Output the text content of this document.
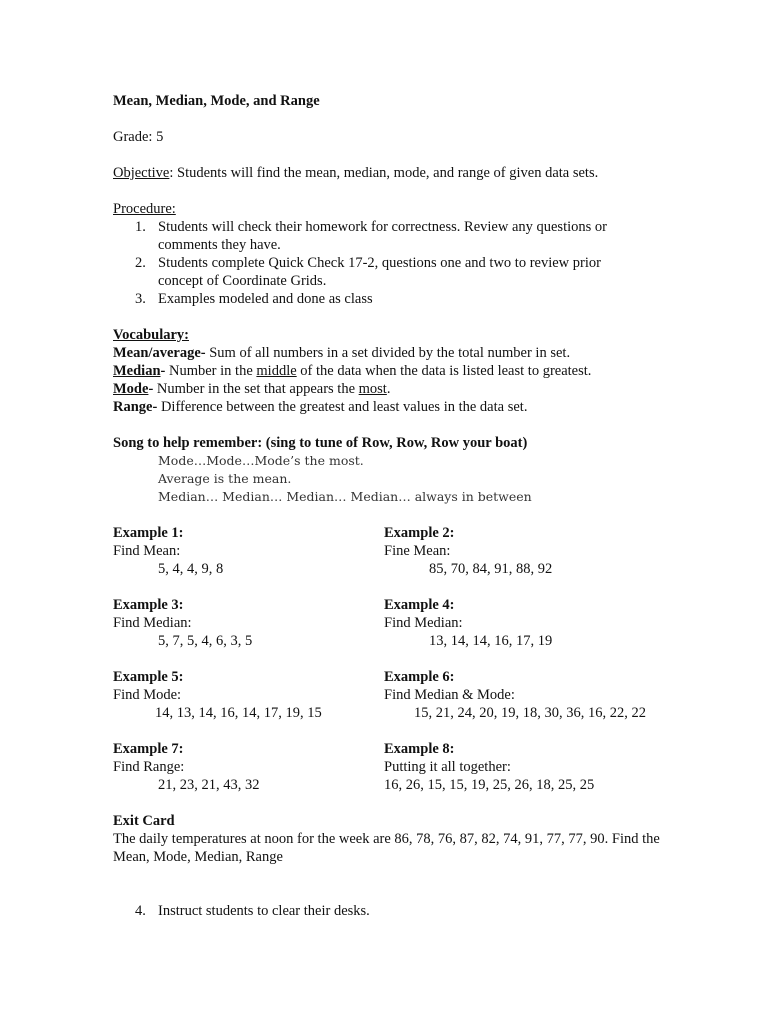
Mean, Median, Mode, and Range
Grade: 5
Objective: Students will find the mean, median, mode, and range of given data sets.
Procedure:
1. Students will check their homework for correctness. Review any questions or
comments they have.
2. Students complete Quick Check 17-2, questions one and two to review prior
concept of Coordinate Grids.
3. Examples modeled and done as class
Vocabulary:
Mean/average- Sum of all numbers in a set divided by the total number in set.
Median- Number in the middle of the data when the data is listed least to greatest.
Mode- Number in the set that appears the most.
Range- Difference between the greatest and least values in the data set.
Song to help remember: (sing to tune of Row, Row, Row your boat)
Mode…Mode…Mode’s the most.
Average is the mean.
Median… Median… Median… Median… always in between
Example 1:
Find Mean:
5, 4, 4, 9, 8
Example 2:
Fine Mean:
85, 70, 84, 91, 88, 92
Example 3:
Find Median:
5, 7, 5, 4, 6, 3, 5
Example 4:
Find Median:
13, 14, 14, 16, 17, 19
Example 5:
Find Mode:
14, 13, 14, 16, 14, 17, 19, 15
Example 6:
Find Median & Mode:
15, 21, 24, 20, 19, 18, 30, 36, 16, 22, 22
Example 7:
Find Range:
21, 23, 21, 43, 32
Example 8:
Putting it all together:
16, 26, 15, 15, 19, 25, 26, 18, 25, 25
Exit Card
The daily temperatures at noon for the week are 86, 78, 76, 87, 82, 74, 91, 77, 77, 90. Find the Mean, Mode, Median, Range
4. Instruct students to clear their desks.
